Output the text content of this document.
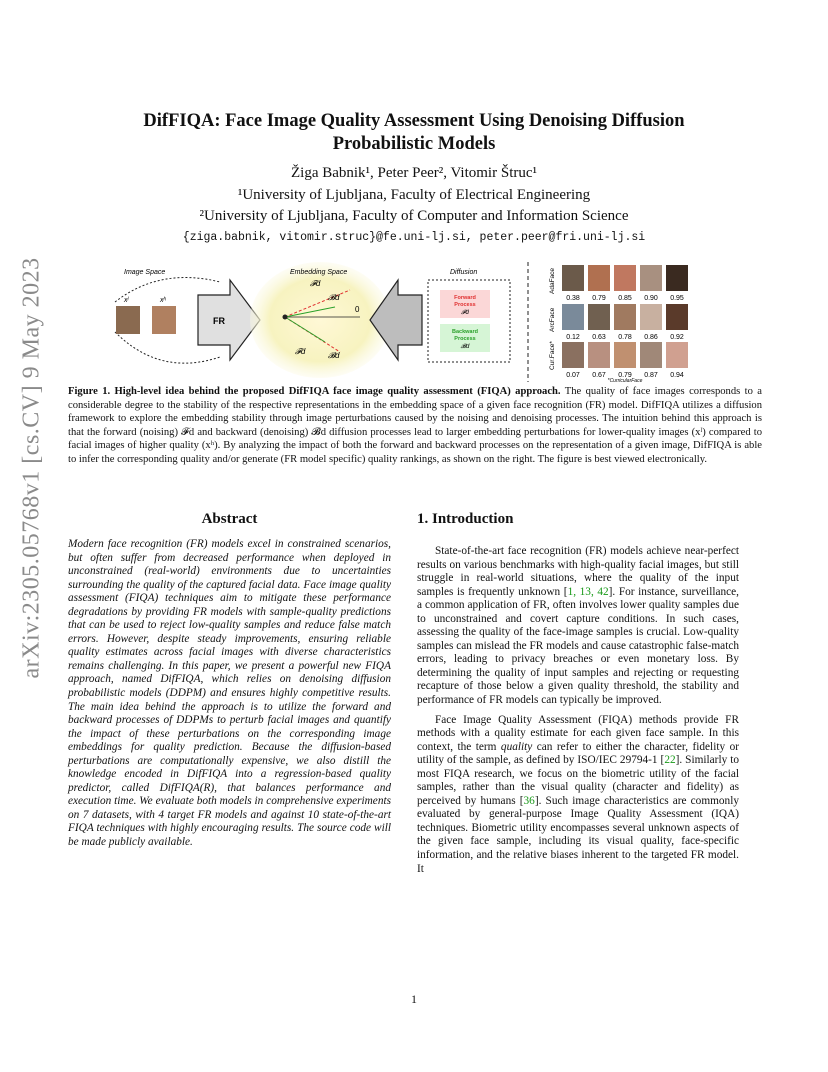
arXiv:2305.05768v1 [cs.CV] 9 May 2023
DifFIQA: Face Image Quality Assessment Using Denoising Diffusion
Probabilistic Models
Žiga Babnik¹, Peter Peer², Vitomir Štruc¹
¹University of Ljubljana, Faculty of Electrical Engineering
²University of Ljubljana, Faculty of Computer and Information Science
{ziga.babnik, vitomir.struc}@fe.uni-lj.si, peter.peer@fri.uni-lj.si
Image Space
xˡ	xʰ
FR
Embedding Space
0
𝓕d
𝓑d
𝓕d	𝓑d
Diffusion
Forward
Process
𝓕d
Backward
Process
𝓑d
AdaFace
ArcFace
Cur.Face*
0.38 0.79 0.85 0.90 0.95
0.12 0.63 0.78 0.86 0.92
0.07 0.67 0.79 0.87 0.94
*CurricularFace
Figure 1. High-level idea behind the proposed DifFIQA face image quality assessment (FIQA) approach. The quality of face images corresponds to a considerable degree to the stability of the respective representations in the embedding space of a given face recognition (FR) model. DifFIQA utilizes a diffusion framework to explore the embedding stability through image perturbations caused by the noising and denoising processes. The intuition behind this approach is that the forward (noising) 𝓕d and backward (denoising) 𝓑d diffusion processes lead to larger embedding perturbations for lower-quality images (xˡ) compared to facial images of higher quality (xʰ). By analyzing the impact of both the forward and backward processes on the representation of a given image, DifFIQA is able to infer the corresponding quality and/or generate (FR model specific) quality rankings, as shown on the right. The figure is best viewed electronically.
Abstract
Modern face recognition (FR) models excel in constrained scenarios, but often suffer from decreased performance when deployed in unconstrained (real-world) environments due to uncertainties surrounding the quality of the captured facial data. Face image quality assessment (FIQA) techniques aim to mitigate these performance degradations by providing FR models with sample-quality predictions that can be used to reject low-quality samples and reduce false match errors. However, despite steady improvements, ensuring reliable quality estimates across facial images with diverse characteristics remains challenging. In this paper, we present a powerful new FIQA approach, named DifFIQA, which relies on denoising diffusion probabilistic models (DDPM) and ensures highly competitive results. The main idea behind the approach is to utilize the forward and backward processes of DDPMs to perturb facial images and quantify the impact of these perturbations on the corresponding image embeddings for quality prediction. Because the diffusion-based perturbations are computationally expensive, we also distill the knowledge encoded in DifFIQA into a regression-based quality predictor, called DifFIQA(R), that balances performance and execution time. We evaluate both models in comprehensive experiments on 7 datasets, with 4 target FR models and against 10 state-of-the-art FIQA techniques with highly encouraging results. The source code will be made publicly available.
1. Introduction

State-of-the-art face recognition (FR) models achieve near-perfect results on various benchmarks with high-quality facial images, but still struggle in real-world situations, where the quality of the input samples is frequently unknown [1, 13, 42]. For instance, surveillance, a common application of FR, often involves lower quality samples due to unconstrained and covert capture conditions. In such cases, assessing the quality of the face-image samples is crucial. Low-quality samples can mislead the FR models and cause catastrophic false-match errors, leading to privacy breaches or even monetary loss. By determining the quality of input samples and rejecting or requesting recapture of those below a given quality threshold, the stability and performance of FR models can typically be improved.

Face Image Quality Assessment (FIQA) methods provide FR methods with a quality estimate for each given face sample. In this context, the term quality can refer to either the character, fidelity or utility of the sample, as defined by ISO/IEC 29794-1 [22]. Similarly to most FIQA research, we focus on the biometric utility of the facial samples, rather than the visual quality (character and fidelity) as perceived by humans [36]. Such image characteristics are commonly evaluated by general-purpose Image Quality Assessment (IQA) techniques. Biometric utility encompasses several unknown aspects of the given face sample, including its visual quality, face-specific information, and the relative biases inherent to the targeted FR model. It

1
